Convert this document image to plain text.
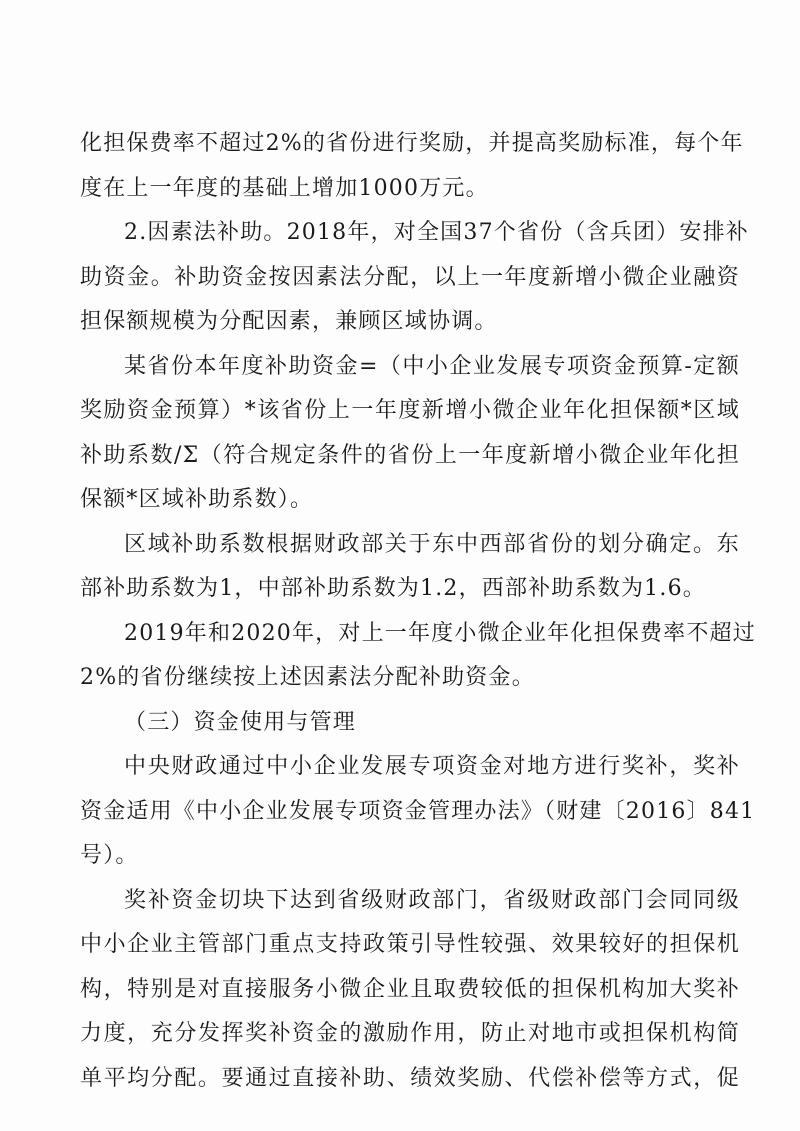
化担保费率不超过2%的省份进行奖励，并提高奖励标准，每个年
度在上一年度的基础上增加1000万元。
2.因素法补助。2018年，对全国37个省份（含兵团）安排补
助资金。补助资金按因素法分配，以上一年度新增小微企业融资
担保额规模为分配因素，兼顾区域协调。
某省份本年度补助资金=（中小企业发展专项资金预算-定额
奖励资金预算）*该省份上一年度新增小微企业年化担保额*区域
补助系数/Σ（符合规定条件的省份上一年度新增小微企业年化担
保额*区域补助系数）。
区域补助系数根据财政部关于东中西部省份的划分确定。东
部补助系数为1，中部补助系数为1.2，西部补助系数为1.6。
2019年和2020年，对上一年度小微企业年化担保费率不超过
2%的省份继续按上述因素法分配补助资金。
（三）资金使用与管理
中央财政通过中小企业发展专项资金对地方进行奖补，奖补
资金适用《中小企业发展专项资金管理办法》（财建〔2016〕841
号）。
奖补资金切块下达到省级财政部门，省级财政部门会同同级
中小企业主管部门重点支持政策引导性较强、效果较好的担保机
构，特别是对直接服务小微企业且取费较低的担保机构加大奖补
力度，充分发挥奖补资金的激励作用，防止对地市或担保机构简
单平均分配。要通过直接补助、绩效奖励、代偿补偿等方式，促
